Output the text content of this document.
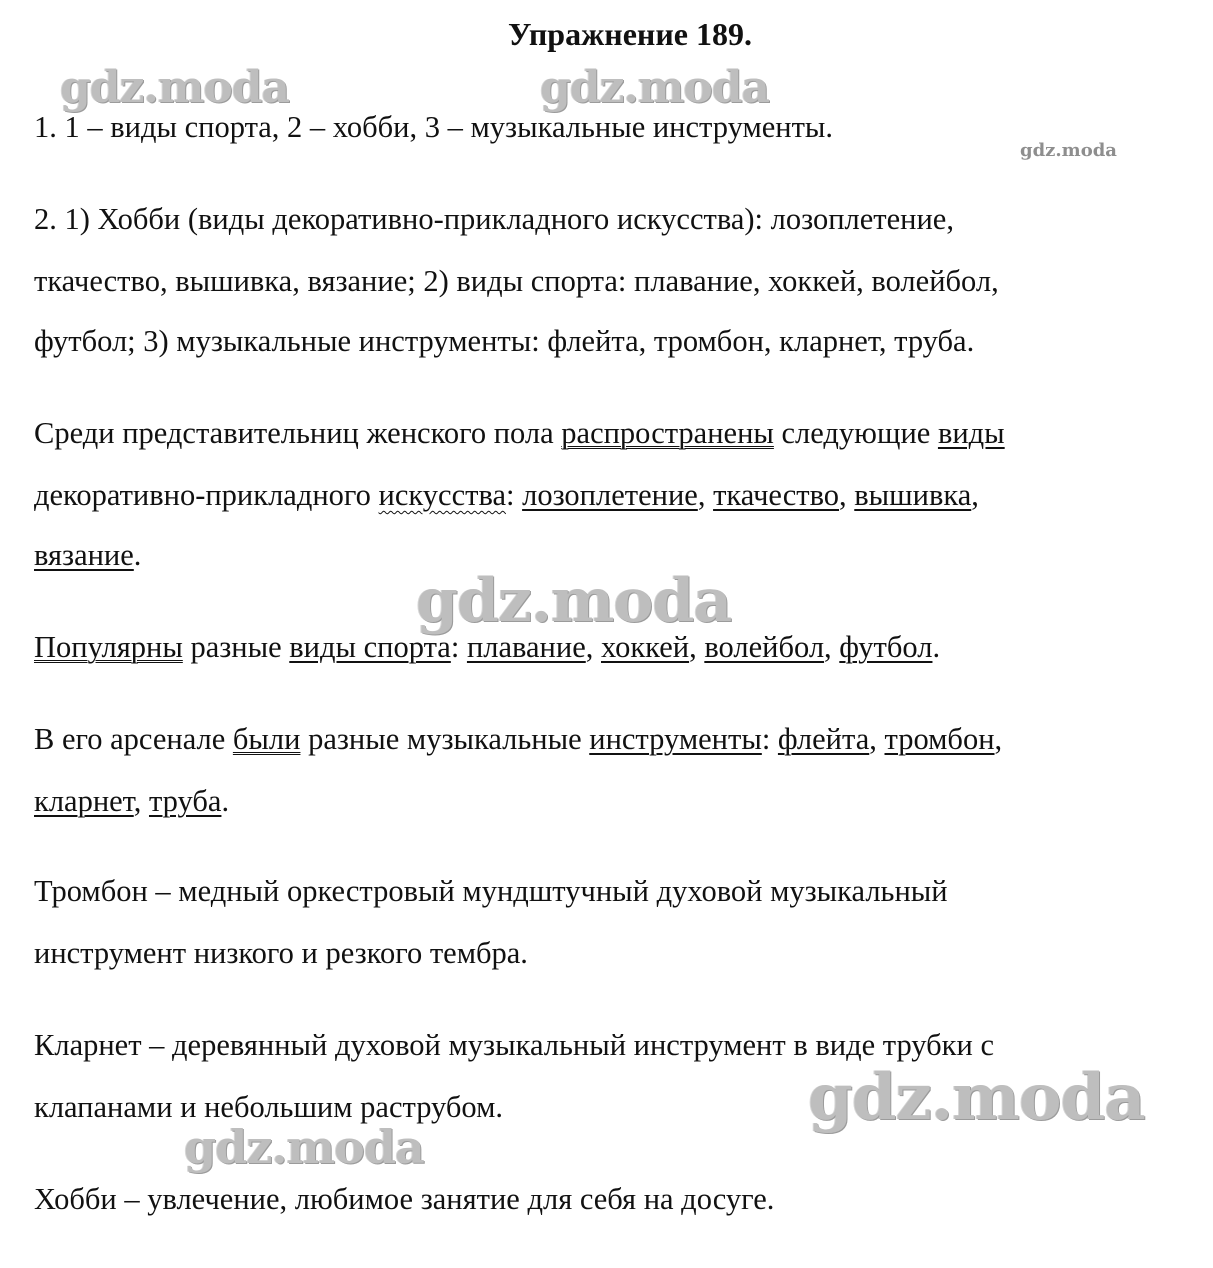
Упражнение 189.
gdz.moda	gdz.moda
gdz.moda
1. 1 – виды спорта, 2 – хобби, 3 – музыкальные инструменты.
2. 1) Хобби (виды декоративно-прикладного искусства): лозоплетение,
ткачество, вышивка, вязание; 2) виды спорта: плавание, хоккей, волейбол,
футбол; 3) музыкальные инструменты: флейта, тромбон, кларнет, труба.
Среди представительниц женского пола распространены следующие виды
декоративно-прикладного искусства: лозоплетение, ткачество, вышивка,
вязание.
gdz.moda
Популярны разные виды спорта: плавание, хоккей, волейбол, футбол.
В его арсенале были разные музыкальные инструменты: флейта, тромбон,
кларнет, труба.
Тромбон – медный оркестровый мундштучный духовой музыкальный
инструмент низкого и резкого тембра.
Кларнет – деревянный духовой музыкальный инструмент в виде трубки с
клапанами и небольшим раструбом.	gdz.moda
gdz.moda
Хобби – увлечение, любимое занятие для себя на досуге.
